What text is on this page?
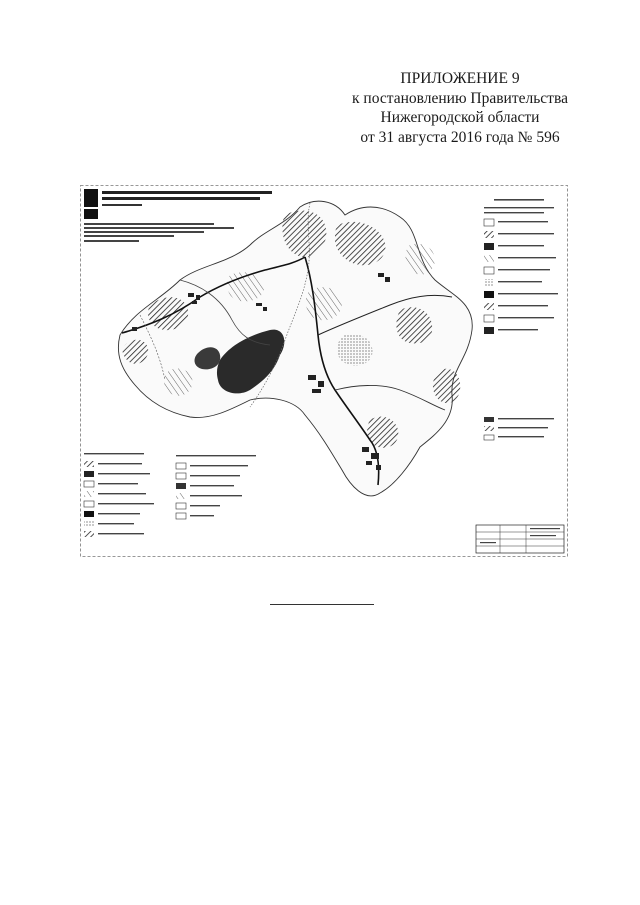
ПРИЛОЖЕНИЕ 9
к постановлению Правительства
Нижегородской области
от 31 августа 2016 года № 596
